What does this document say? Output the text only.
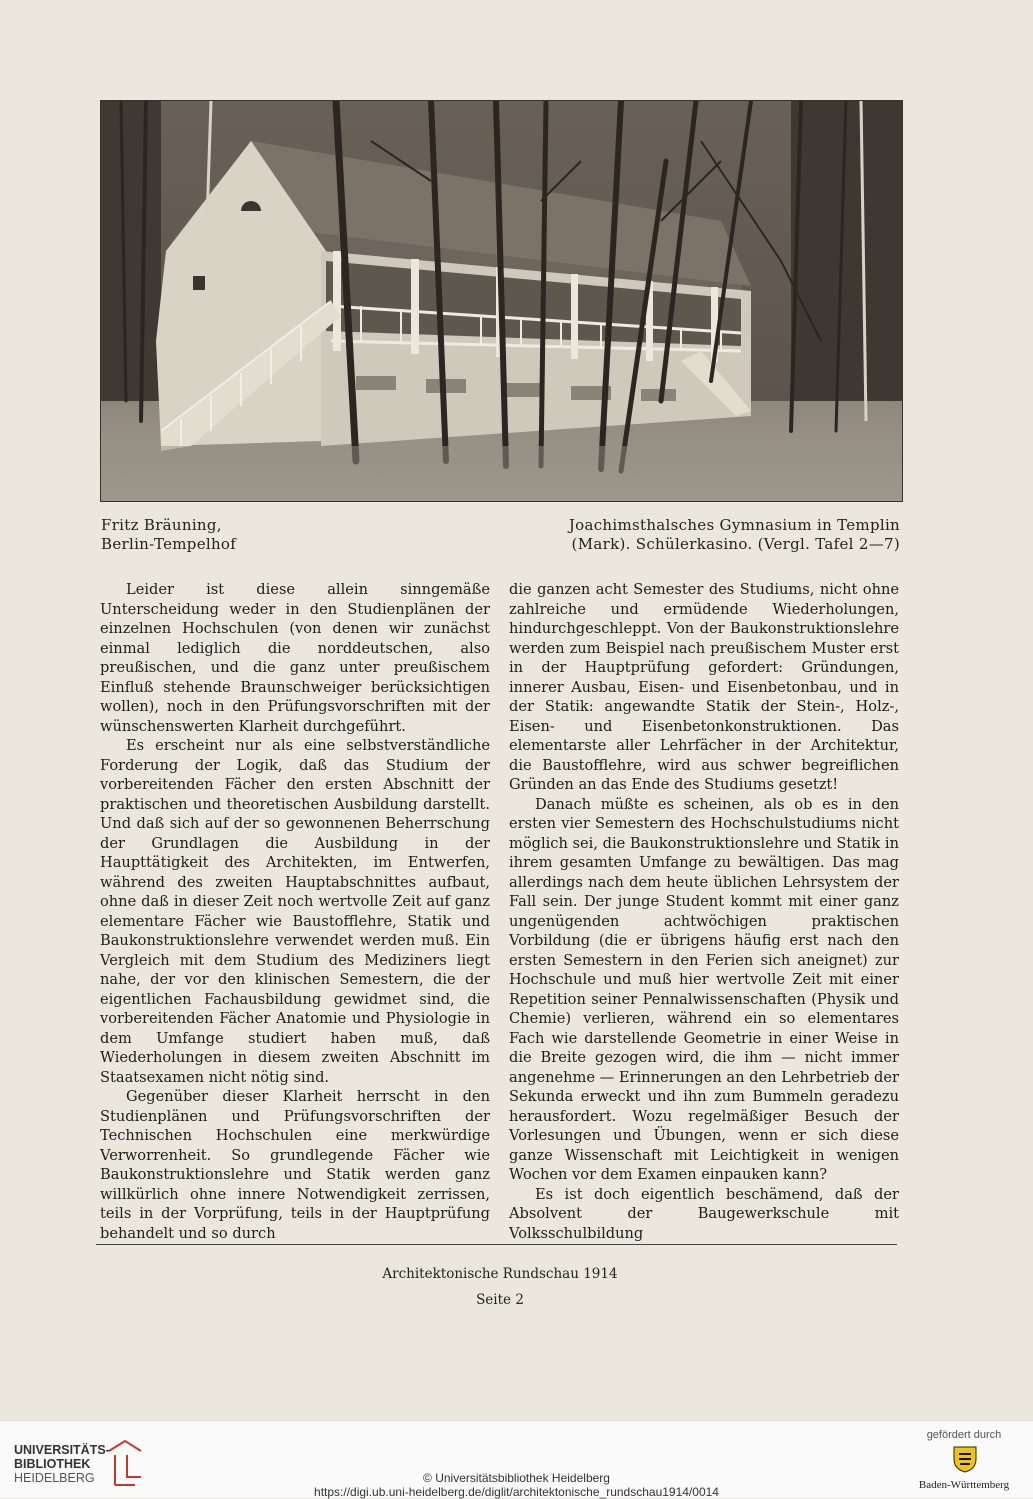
Fritz Bräuning,
Berlin-Tempelhof
Joachimsthalsches Gymnasium in Templin
(Mark). Schülerkasino. (Vergl. Tafel 2—7)

Leider ist diese allein sinngemäße Unterscheidung weder in den Studienplänen der einzelnen Hochschulen (von denen wir zunächst einmal lediglich die norddeutschen, also preußischen, und die ganz unter preußischem Einfluß stehende Braunschweiger berücksichtigen wollen), noch in den Prüfungsvorschriften mit der wünschenswerten Klarheit durchgeführt.

Es erscheint nur als eine selbstverständliche Forderung der Logik, daß das Studium der vorbereitenden Fächer den ersten Abschnitt der praktischen und theoretischen Ausbildung darstellt. Und daß sich auf der so gewonnenen Beherrschung der Grundlagen die Ausbildung in der Haupttätigkeit des Architekten, im Entwerfen, während des zweiten Hauptabschnittes aufbaut, ohne daß in dieser Zeit noch wertvolle Zeit auf ganz elementare Fächer wie Baustofflehre, Statik und Baukonstruktionslehre verwendet werden muß. Ein Vergleich mit dem Studium des Mediziners liegt nahe, der vor den klinischen Semestern, die der eigentlichen Fachausbildung gewidmet sind, die vorbereitenden Fächer Anatomie und Physiologie in dem Umfange studiert haben muß, daß Wiederholungen in diesem zweiten Abschnitt im Staatsexamen nicht nötig sind.

Gegenüber dieser Klarheit herrscht in den Studienplänen und Prüfungsvorschriften der Technischen Hochschulen eine merkwürdige Verworrenheit. So grundlegende Fächer wie Baukonstruktionslehre und Statik werden ganz willkürlich ohne innere Notwendigkeit zerrissen, teils in der Vorprüfung, teils in der Hauptprüfung behandelt und so durch

die ganzen acht Semester des Studiums, nicht ohne zahlreiche und ermüdende Wiederholungen, hindurchgeschleppt. Von der Baukonstruktionslehre werden zum Beispiel nach preußischem Muster erst in der Hauptprüfung gefordert: Gründungen, innerer Ausbau, Eisen- und Eisenbetonbau, und in der Statik: angewandte Statik der Stein-, Holz-, Eisen- und Eisenbetonkonstruktionen. Das elementarste aller Lehrfächer in der Architektur, die Baustofflehre, wird aus schwer begreiflichen Gründen an das Ende des Studiums gesetzt!

Danach müßte es scheinen, als ob es in den ersten vier Semestern des Hochschulstudiums nicht möglich sei, die Baukonstruktionslehre und Statik in ihrem gesamten Umfange zu bewältigen. Das mag allerdings nach dem heute üblichen Lehrsystem der Fall sein. Der junge Student kommt mit einer ganz ungenügenden achtwöchigen praktischen Vorbildung (die er übrigens häufig erst nach den ersten Semestern in den Ferien sich aneignet) zur Hochschule und muß hier wertvolle Zeit mit einer Repetition seiner Pennalwissenschaften (Physik und Chemie) verlieren, während ein so elementares Fach wie darstellende Geometrie in einer Weise in die Breite gezogen wird, die ihm — nicht immer angenehme — Erinnerungen an den Lehrbetrieb der Sekunda erweckt und ihn zum Bummeln geradezu herausfordert. Wozu regelmäßiger Besuch der Vorlesungen und Übungen, wenn er sich diese ganze Wissenschaft mit Leichtigkeit in wenigen Wochen vor dem Examen einpauken kann?

Es ist doch eigentlich beschämend, daß der Absolvent der Baugewerkschule mit Volksschulbildung

Architektonische Rundschau 1914
Seite 2
UNIVERSITÄTS-
BIBLIOTHEK
HEIDELBERG	© Universitätsbibliothek Heidelberg
https://digi.ub.uni-heidelberg.de/diglit/architektonische_rundschau1914/0014
gefördert durch
Baden-Württemberg
